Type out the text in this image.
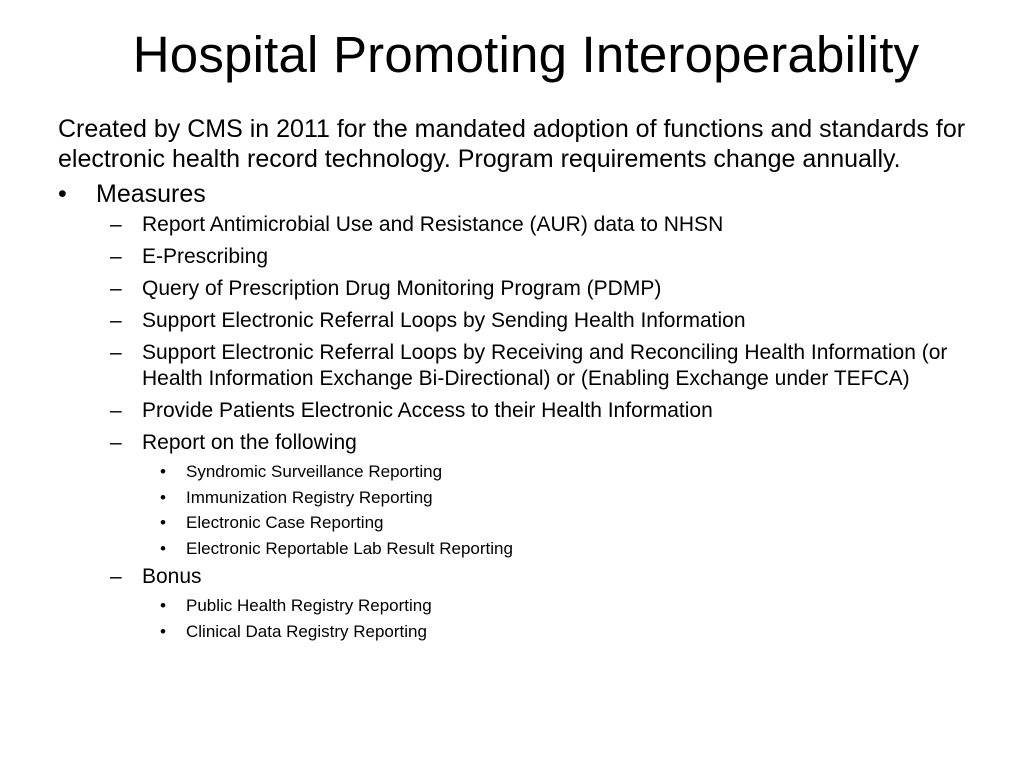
Hospital Promoting Interoperability

Created by CMS in 2011 for the mandated adoption of functions and standards for electronic health record technology. Program requirements change annually.

•	Measures
– Report Antimicrobial Use and Resistance (AUR) data to NHSN
– E-Prescribing
– Query of Prescription Drug Monitoring Program (PDMP)
– Support Electronic Referral Loops by Sending Health Information
– Support Electronic Referral Loops by Receiving and Reconciling Health Information (or Health Information Exchange Bi-Directional) or (Enabling Exchange under TEFCA)
– Provide Patients Electronic Access to their Health Information
– Report on the following
• Syndromic Surveillance Reporting
• Immunization Registry Reporting
• Electronic Case Reporting
• Electronic Reportable Lab Result Reporting
– Bonus
• Public Health Registry Reporting
• Clinical Data Registry Reporting
